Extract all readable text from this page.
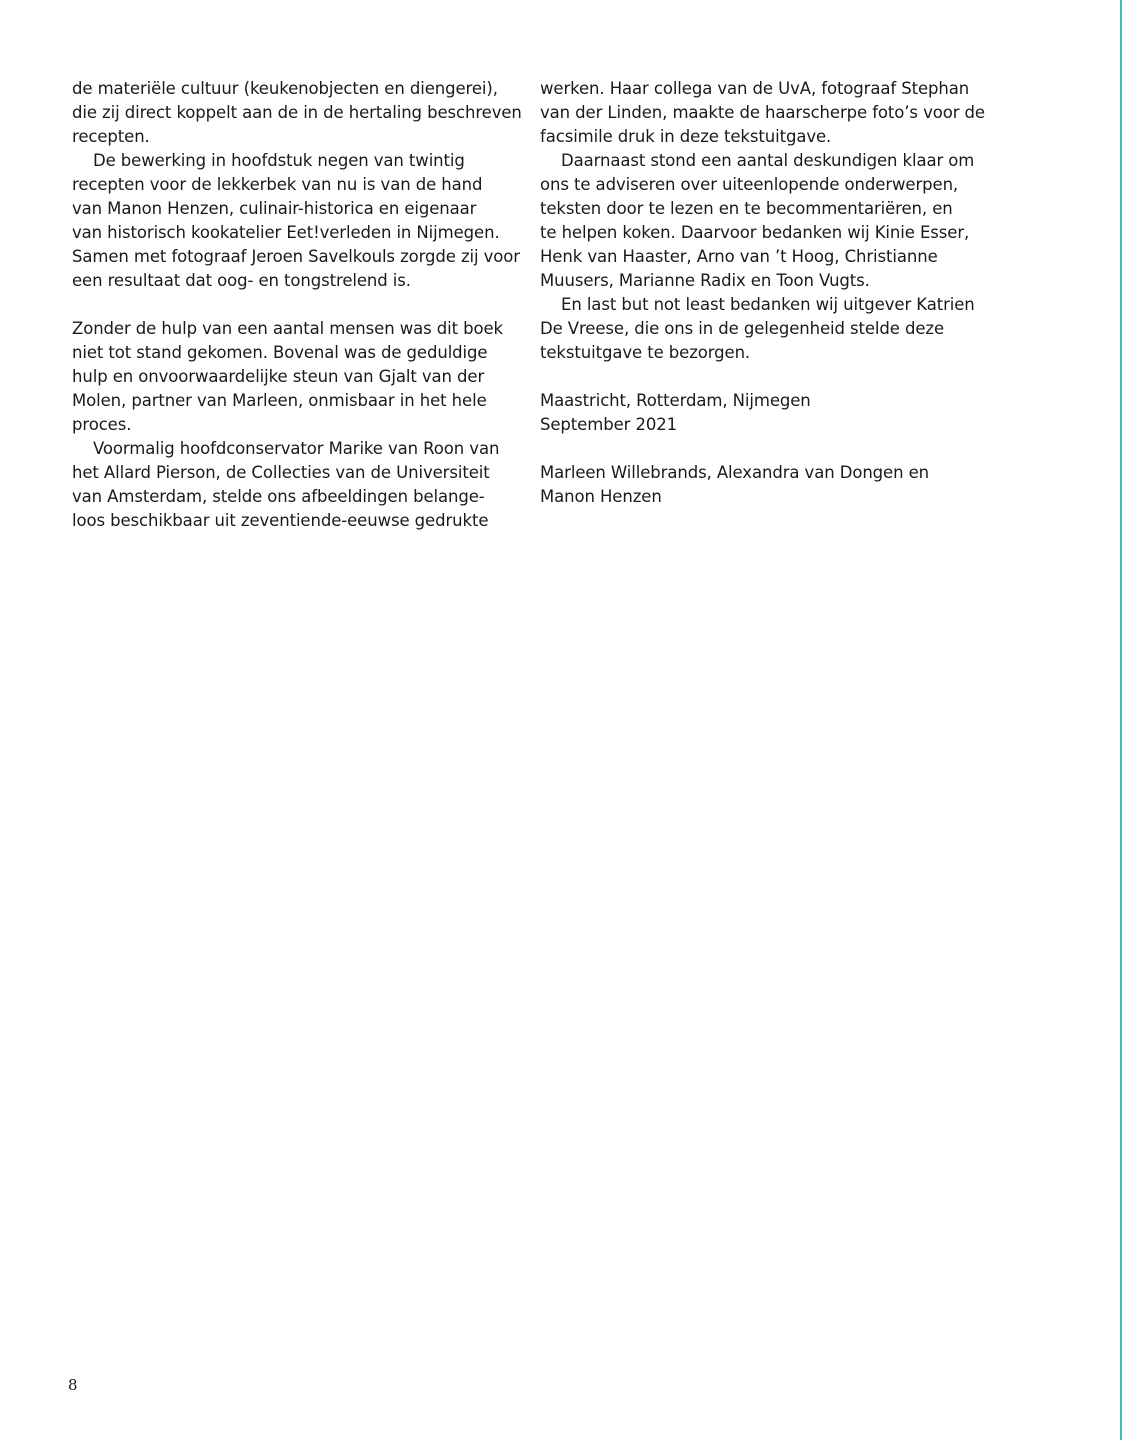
de materiële cultuur (keukenobjecten en diengerei),
die zij direct koppelt aan de in de hertaling beschreven
recepten.
De bewerking in hoofdstuk negen van twintig
recepten voor de lekkerbek van nu is van de hand
van Manon Henzen, culinair-historica en eigenaar
van historisch kookatelier Eet!verleden in Nijmegen.
Samen met fotograaf Jeroen Savelkouls zorgde zij voor
een resultaat dat oog- en tongstrelend is.
Zonder de hulp van een aantal mensen was dit boek
niet tot stand gekomen. Bovenal was de geduldige
hulp en onvoorwaardelijke steun van Gjalt van der
Molen, partner van Marleen, onmisbaar in het hele
proces.
Voormalig hoofdconservator Marike van Roon van
het Allard Pierson, de Collecties van de Universiteit
van Amsterdam, stelde ons afbeeldingen belange-
loos beschikbaar uit zeventiende-eeuwse gedrukte
werken. Haar collega van de UvA, fotograaf Stephan
van der Linden, maakte de haarscherpe foto’s voor de
facsimile druk in deze tekstuitgave.
Daarnaast stond een aantal deskundigen klaar om
ons te adviseren over uiteenlopende onderwerpen,
teksten door te lezen en te becommentariëren, en
te helpen koken. Daarvoor bedanken wij Kinie Esser,
Henk van Haaster, Arno van ’t Hoog, Christianne
Muusers, Marianne Radix en Toon Vugts.
En last but not least bedanken wij uitgever Katrien
De Vreese, die ons in de gelegenheid stelde deze
tekstuitgave te bezorgen.
Maastricht, Rotterdam, Nijmegen
September 2021
Marleen Willebrands, Alexandra van Dongen en
Manon Henzen
8
